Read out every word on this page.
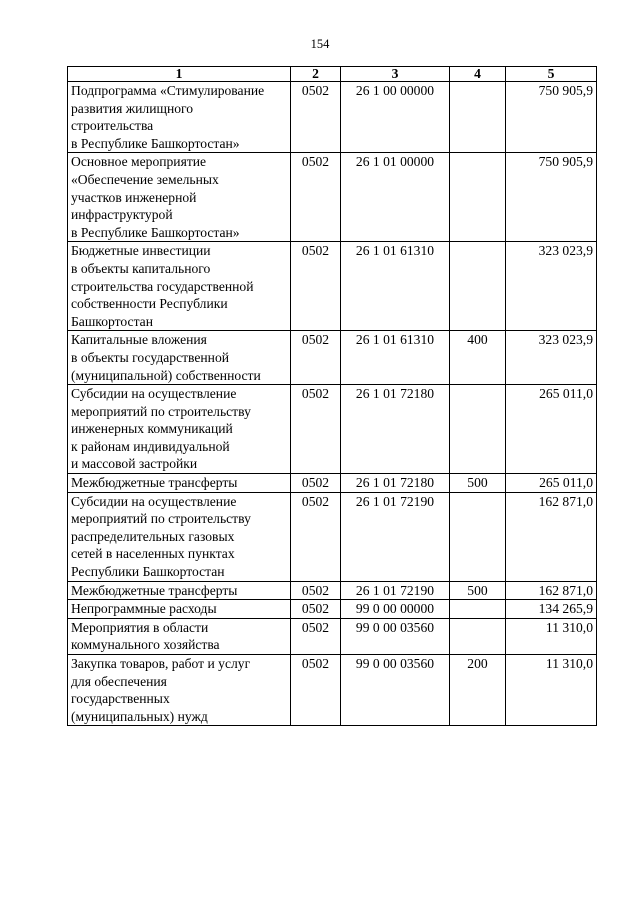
154
1	2	3	4	5
Подпрограмма «Стимулирование
развития жилищного
строительства
в Республике Башкортостан»	0502	26 1 00 00000		750 905,9
Основное мероприятие
«Обеспечение земельных
участков инженерной
инфраструктурой
в Республике Башкортостан»	0502	26 1 01 00000		750 905,9
Бюджетные инвестиции
в объекты капитального
строительства государственной
собственности Республики
Башкортостан	0502	26 1 01 61310		323 023,9
Капитальные вложения
в объекты государственной
(муниципальной) собственности	0502	26 1 01 61310	400	323 023,9
Субсидии на осуществление
мероприятий по строительству
инженерных коммуникаций
к районам индивидуальной
и массовой застройки	0502	26 1 01 72180		265 011,0
Межбюджетные трансферты	0502	26 1 01 72180	500	265 011,0
Субсидии на осуществление
мероприятий по строительству
распределительных газовых
сетей в населенных пунктах
Республики Башкортостан	0502	26 1 01 72190		162 871,0
Межбюджетные трансферты	0502	26 1 01 72190	500	162 871,0
Непрограммные расходы	0502	99 0 00 00000		134 265,9
Мероприятия в области
коммунального хозяйства	0502	99 0 00 03560		11 310,0
Закупка товаров, работ и услуг
для обеспечения
государственных
(муниципальных) нужд	0502	99 0 00 03560	200	11 310,0
